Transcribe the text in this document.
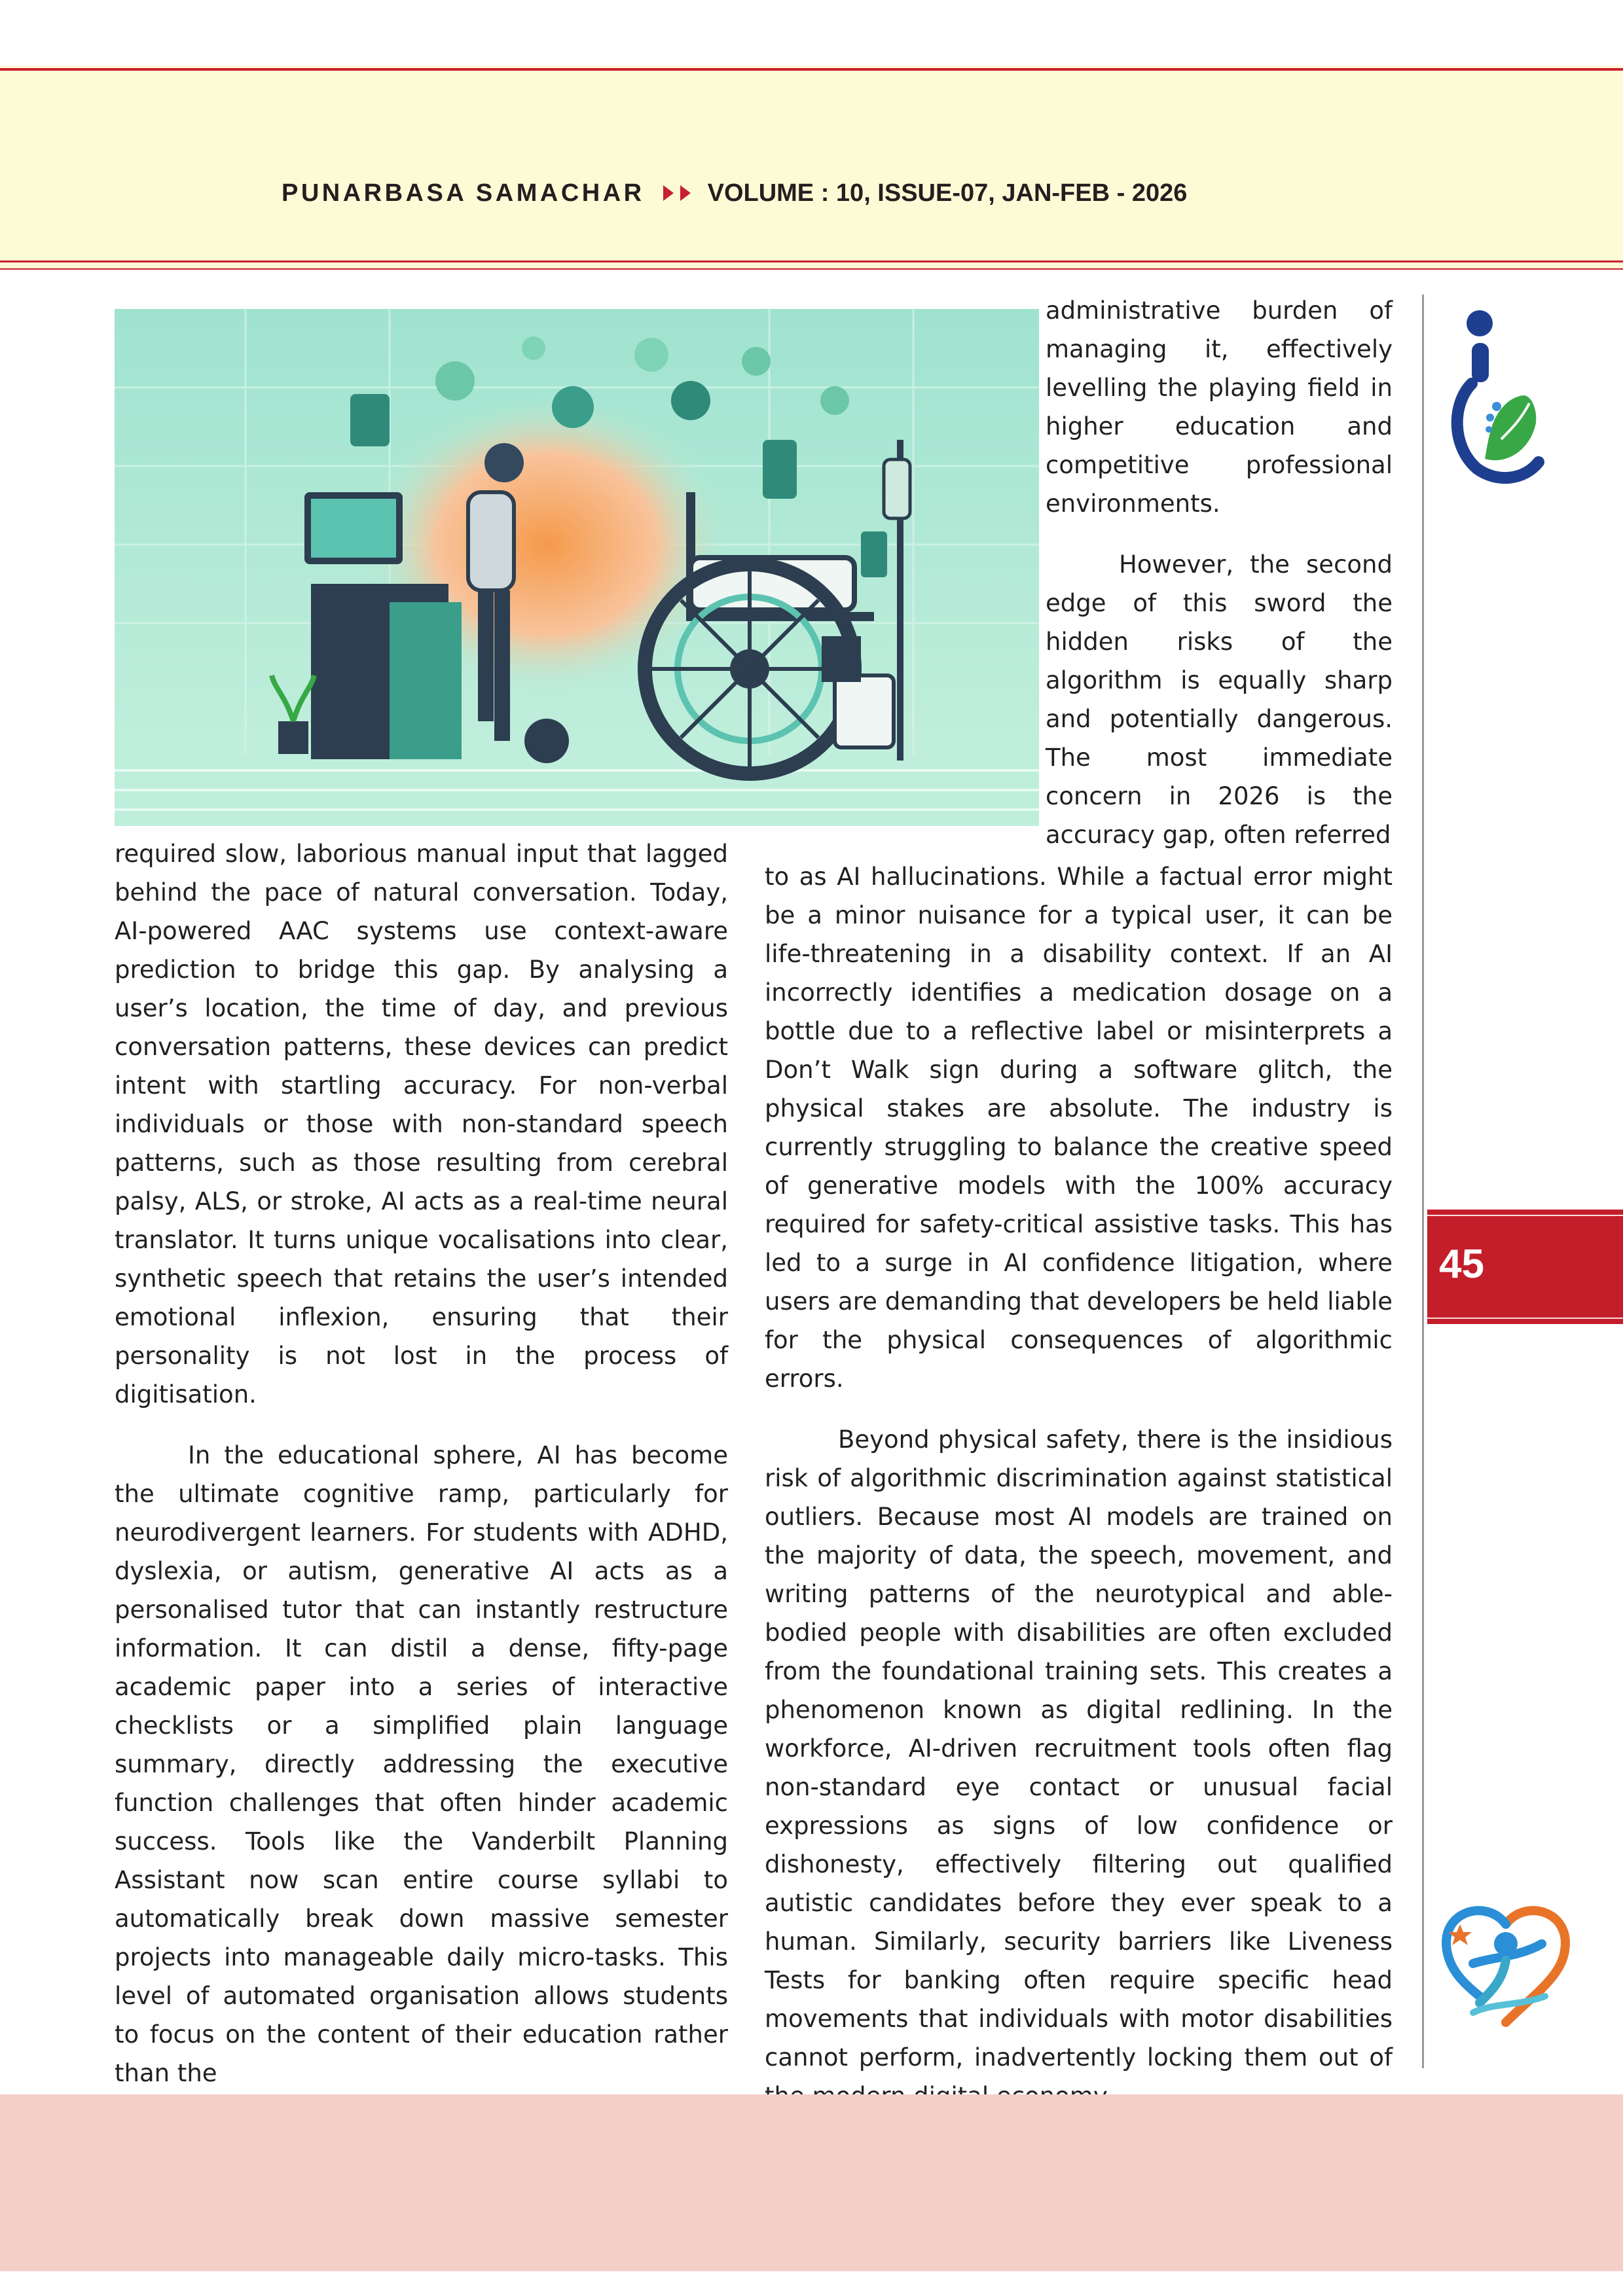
PUNARBASA SAMACHAR	VOLUME : 10, ISSUE-07, JAN-FEB - 2026

administrative burden of managing it, effectively levelling the playing field in higher education and competitive professional environments.

However, the second edge of this sword the hidden risks of the algorithm is equally sharp and potentially dangerous. The most immediate concern in 2026 is the accuracy gap, often referred

required slow, laborious manual input that lagged behind the pace of natural conversation. Today, AI-powered AAC systems use context-aware prediction to bridge this gap. By analysing a user’s location, the time of day, and previous conversation patterns, these devices can predict intent with startling accuracy. For non-verbal individuals or those with non-standard speech patterns, such as those resulting from cerebral palsy, ALS, or stroke, AI acts as a real-time neural translator. It turns unique vocalisations into clear, synthetic speech that retains the user’s intended emotional inflexion, ensuring that their personality is not lost in the process of digitisation.

In the educational sphere, AI has become the ultimate cognitive ramp, particularly for neurodivergent learners. For students with ADHD, dyslexia, or autism, generative AI acts as a personalised tutor that can instantly restructure information. It can distil a dense, fifty-page academic paper into a series of interactive checklists or a simplified plain language summary, directly addressing the executive function challenges that often hinder academic success. Tools like the Vanderbilt Planning Assistant now scan entire course syllabi to automatically break down massive semester projects into manageable daily micro-tasks. This level of automated organisation allows students to focus on the content of their education rather than the

to as AI hallucinations. While a factual error might be a minor nuisance for a typical user, it can be life-threatening in a disability context. If an AI incorrectly identifies a medication dosage on a bottle due to a reflective label or misinterprets a Don’t Walk sign during a software glitch, the physical stakes are absolute. The industry is currently struggling to balance the creative speed of generative models with the 100% accuracy required for safety-critical assistive tasks. This has led to a surge in AI confidence litigation, where users are demanding that developers be held liable for the physical consequences of algorithmic errors.

Beyond physical safety, there is the insidious risk of algorithmic discrimination against statistical outliers. Because most AI models are trained on the majority of data, the speech, movement, and writing patterns of the neurotypical and able-bodied people with disabilities are often excluded from the foundational training sets. This creates a phenomenon known as digital redlining. In the workforce, AI-driven recruitment tools often flag non-standard eye contact or unusual facial expressions as signs of low confidence or dishonesty, effectively filtering out qualified autistic candidates before they ever speak to a human. Similarly, security barriers like Liveness Tests for banking often require specific head movements that individuals with motor disabilities cannot perform, inadvertently locking them out of

45
